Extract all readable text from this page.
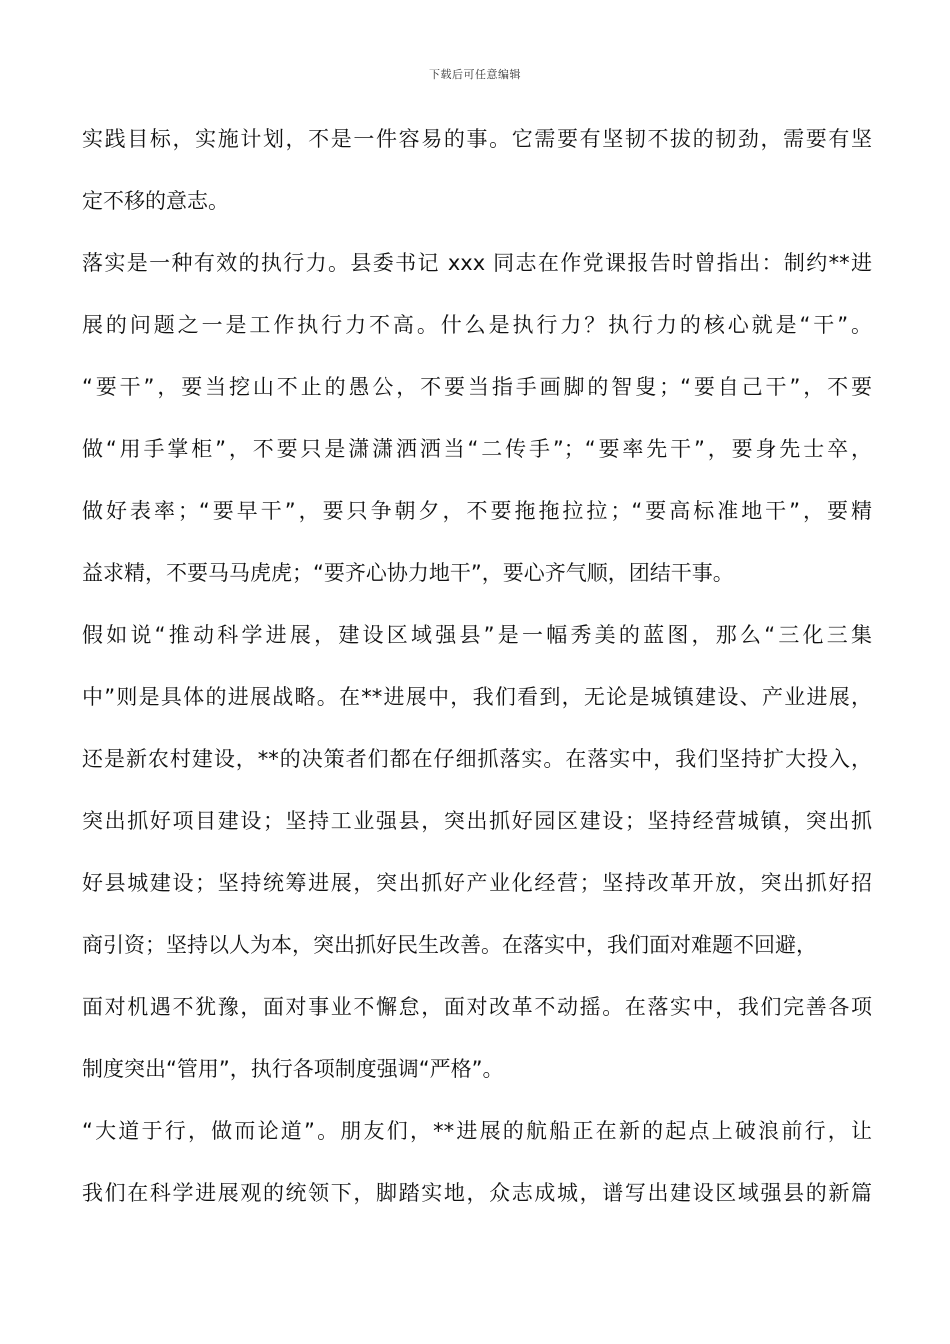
下载后可任意编辑
实践目标，实施计划，不是一件容易的事。它需要有坚韧不拔的韧劲，需要有坚
定不移的意志。
落实是一种有效的执行力。县委书记 xxx 同志在作党课报告时曾指出：制约**进
展的问题之一是工作执行力不高。什么是执行力？执行力的核心就是“干”。
“要干”，要当挖山不止的愚公，不要当指手画脚的智叟；“要自己干”，不要
做“用手掌柜”，不要只是潇潇洒洒当“二传手”；“要率先干”，要身先士卒，
做好表率；“要早干”，要只争朝夕，不要拖拖拉拉；“要高标准地干”，要精
益求精，不要马马虎虎；“要齐心协力地干”，要心齐气顺，团结干事。
假如说“推动科学进展，建设区域强县”是一幅秀美的蓝图，那么“三化三集
中”则是具体的进展战略。在**进展中，我们看到，无论是城镇建设、产业进展，
还是新农村建设，**的决策者们都在仔细抓落实。在落实中，我们坚持扩大投入，
突出抓好项目建设；坚持工业强县，突出抓好园区建设；坚持经营城镇，突出抓
好县城建设；坚持统筹进展，突出抓好产业化经营；坚持改革开放，突出抓好招
商引资；坚持以人为本，突出抓好民生改善。在落实中，我们面对难题不回避，
面对机遇不犹豫，面对事业不懈怠，面对改革不动摇。在落实中，我们完善各项
制度突出“管用”，执行各项制度强调“严格”。
“大道于行，做而论道”。朋友们，**进展的航船正在新的起点上破浪前行，让
我们在科学进展观的统领下，脚踏实地，众志成城，谱写出建设区域强县的新篇
